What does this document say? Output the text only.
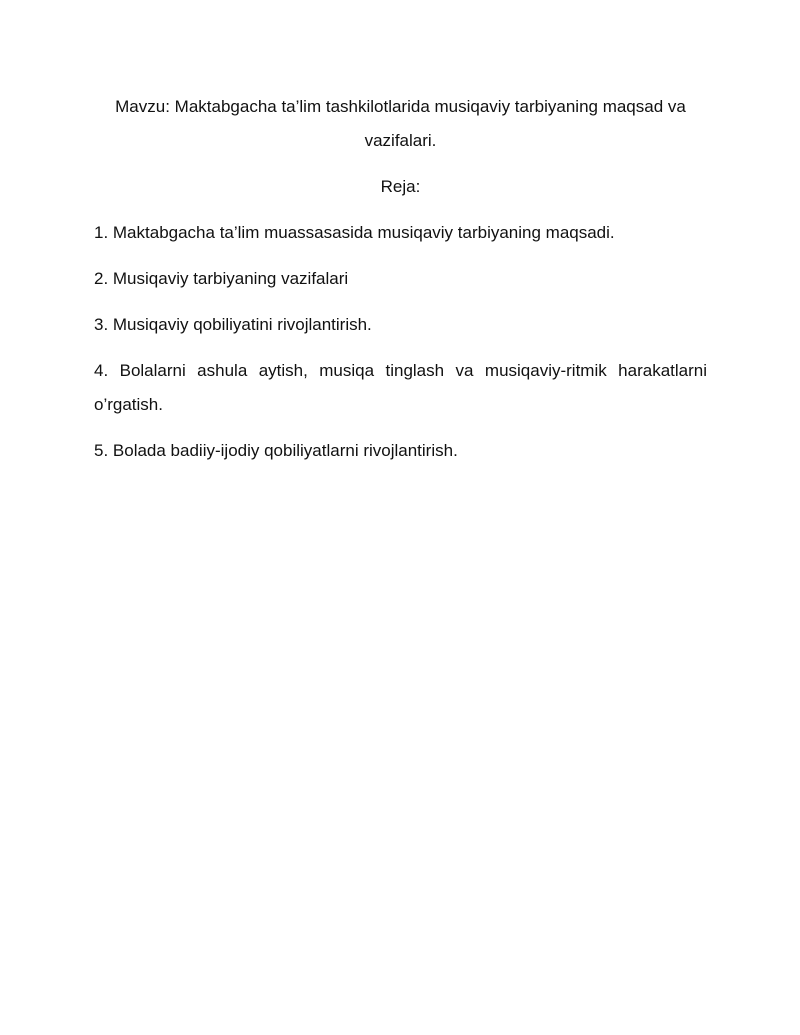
Mavzu: Maktabgacha ta’lim tashkilotlarida musiqaviy tarbiyaning maqsad va vazifalari.

Reja:

1. Maktabgacha ta’lim muassasasida musiqaviy tarbiyaning maqsadi.
2. Musiqaviy tarbiyaning vazifalari
3. Musiqaviy qobiliyatini rivojlantirish.
4. Bolalarni ashula aytish, musiqa tinglash va musiqaviy-ritmik harakatlarni o’rgatish.
5. Bolada badiiy-ijodiy qobiliyatlarni rivojlantirish.
